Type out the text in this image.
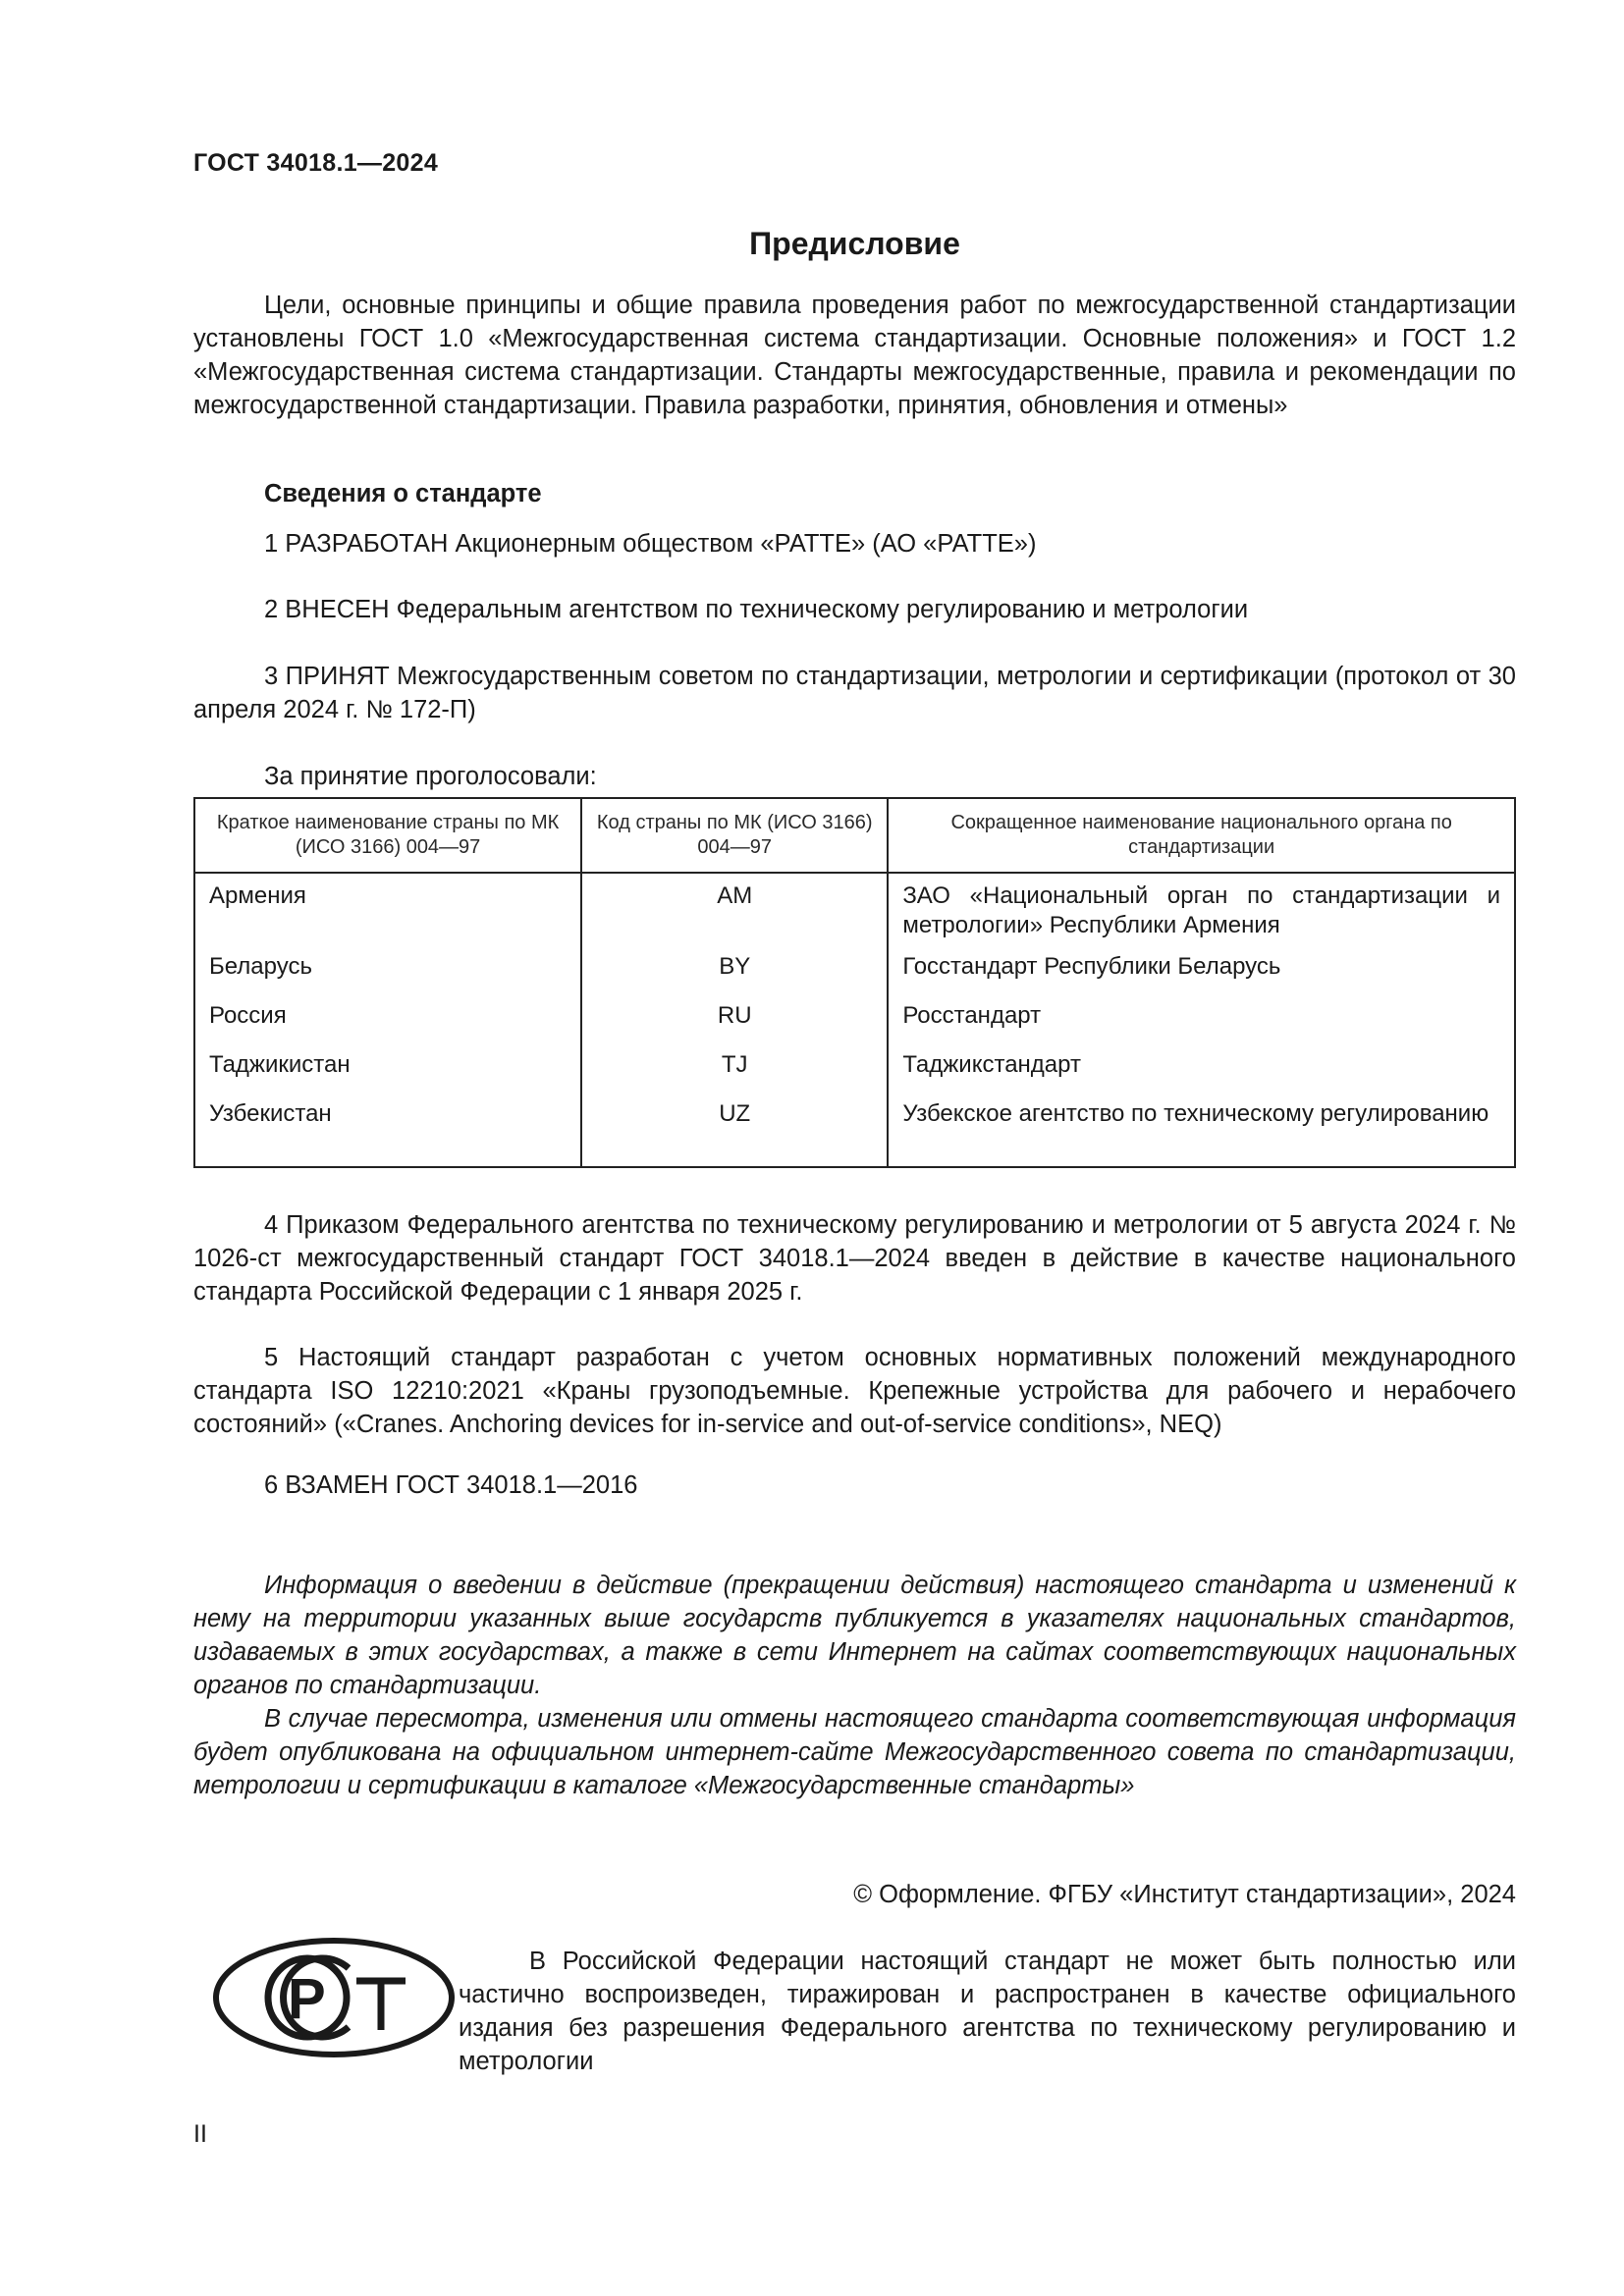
ГОСТ 34018.1—2024
Предисловие
Цели, основные принципы и общие правила проведения работ по межгосударственной стандартизации установлены ГОСТ 1.0 «Межгосударственная система стандартизации. Основные положения» и ГОСТ 1.2 «Межгосударственная система стандартизации. Стандарты межгосударственные, правила и рекомендации по межгосударственной стандартизации. Правила разработки, принятия, обновления и отмены»
Сведения о стандарте
1 РАЗРАБОТАН Акционерным обществом «РАТТЕ» (АО «РАТТЕ»)
2 ВНЕСЕН Федеральным агентством по техническому регулированию и метрологии
3 ПРИНЯТ Межгосударственным советом по стандартизации, метрологии и сертификации (протокол от 30 апреля 2024 г. № 172-П)
За принятие проголосовали:
Краткое наименование страны по МК (ИСО 3166) 004—97	Код страны по МК (ИСО 3166) 004—97	Сокращенное наименование национального органа по стандартизации
Армения	AM	ЗАО «Национальный орган по стандартизации и метрологии» Республики Армения
Беларусь	BY	Госстандарт Республики Беларусь
Россия	RU	Росстандарт
Таджикистан	TJ	Таджикстандарт
Узбекистан	UZ	Узбекское агентство по техническому регулированию
4 Приказом Федерального агентства по техническому регулированию и метрологии от 5 августа 2024 г. № 1026-ст межгосударственный стандарт ГОСТ 34018.1—2024 введен в действие в качестве национального стандарта Российской Федерации с 1 января 2025 г.
5 Настоящий стандарт разработан с учетом основных нормативных положений международного стандарта ISO 12210:2021 «Краны грузоподъемные. Крепежные устройства для рабочего и нерабочего состояний» («Cranes. Anchoring devices for in-service and out-of-service conditions», NEQ)
6 ВЗАМЕН ГОСТ 34018.1—2016
Информация о введении в действие (прекращении действия) настоящего стандарта и изменений к нему на территории указанных выше государств публикуется в указателях национальных стандартов, издаваемых в этих государствах, а также в сети Интернет на сайтах соответствующих национальных органов по стандартизации.
В случае пересмотра, изменения или отмены настоящего стандарта соответствующая информация будет опубликована на официальном интернет-сайте Межгосударственного совета по стандартизации, метрологии и сертификации в каталоге «Межгосударственные стандарты»
© Оформление. ФГБУ «Институт стандартизации», 2024
Р
В Российской Федерации настоящий стандарт не может быть полностью или частично воспроизведен, тиражирован и распространен в качестве официального издания без разрешения Федерального агентства по техническому регулированию и метрологии
II
